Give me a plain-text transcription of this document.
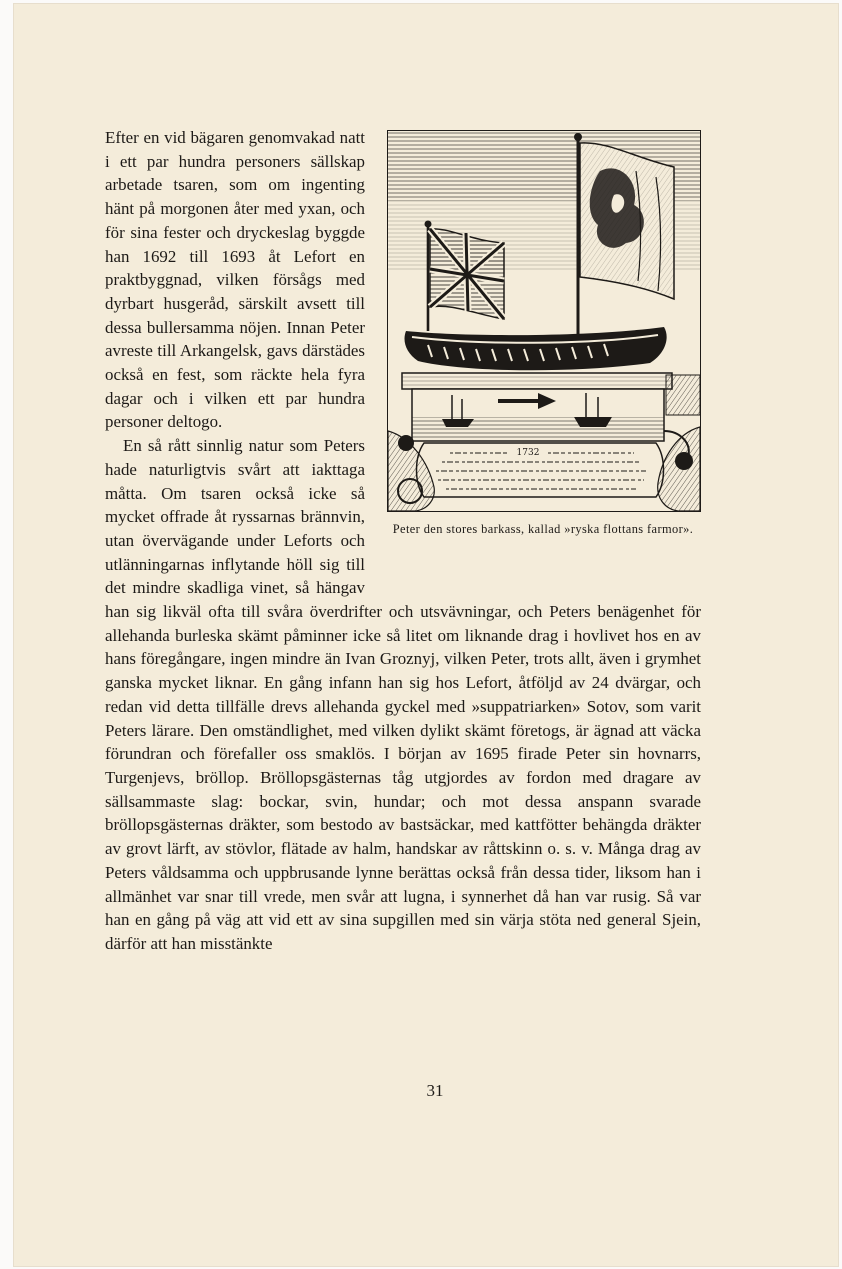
1732
Peter den stores barkass, kallad »ryska flottans farmor».

Efter en vid bägaren genomvakad natt i ett par hundra personers sällskap arbetade tsaren, som om ingenting hänt på morgonen åter med yxan, och för sina fester och dryckeslag byggde han 1692 till 1693 åt Lefort en praktbyggnad, vilken försågs med dyrbart husgeråd, särskilt avsett till dessa bullersamma nöjen. Innan Peter avreste till Arkangelsk, gavs därstädes också en fest, som räckte hela fyra dagar och i vilken ett par hundra personer deltogo.

En så rått sinnlig natur som Peters hade naturligtvis svårt att iakttaga måtta. Om tsaren också icke så mycket offrade åt ryssarnas brännvin, utan övervägande under Leforts och utlänningarnas inflytande höll sig till det mindre skadliga vinet, så hängav han sig likväl ofta till svåra överdrifter och utsvävningar, och Peters benägenhet för allehanda burleska skämt påminner icke så litet om liknande drag i hovlivet hos en av hans föregångare, ingen mindre än Ivan Groznyj, vilken Peter, trots allt, även i grymhet ganska mycket liknar. En gång infann han sig hos Lefort, åtföljd av 24 dvärgar, och redan vid detta tillfälle drevs allehanda gyckel med »suppatriarken» Sotov, som varit Peters lärare. Den omständlighet, med vilken dylikt skämt företogs, är ägnad att väcka förundran och förefaller oss smaklös. I början av 1695 firade Peter sin hovnarrs, Turgenjevs, bröllop. Bröllopsgästernas tåg utgjordes av fordon med dragare av sällsammaste slag: bockar, svin, hundar; och mot dessa anspann svarade bröllopsgästernas dräkter, som bestodo av bastsäckar, med kattfötter behängda dräkter av grovt lärft, av stövlor, flätade av halm, handskar av råttskinn o. s. v. Många drag av Peters våldsamma och uppbrusande lynne berättas också från dessa tider, liksom han i allmänhet var snar till vrede, men svår att lugna, i synnerhet då han var rusig. Så var han en gång på väg att vid ett av sina supgillen med sin värja stöta ned general Sjein, därför att han misstänkte

31
